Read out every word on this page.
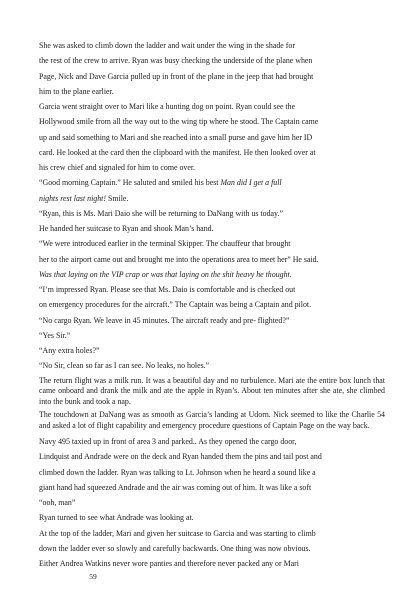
She was asked to climb down the ladder and wait under the wing in the shade for
the rest of the crew to arrive. Ryan was busy checking the underside of the plane when
Page, Nick and Dave Garcia pulled up in front of the plane in the jeep that had brought
him to the plane earlier.
Garcia went straight over to Mari like a hunting dog on point. Ryan could see the
Hollywood smile from all the way out to the wing tip where he stood. The Captain came
up and said something to Mari and she reached into a small purse and gave him her ID
card. He looked at the card then the clipboard with the manifest. He then looked over at
his crew chief and signaled for him to come over.
“Good morning Captain.” He saluted and smiled his best Man did I get a full
nights rest last night! Smile.
“Ryan, this is Ms. Mari Daio she will be returning to DaNang with us today.”
He handed her suitcase to Ryan and shook Man’s hand.
“We were introduced earlier in the terminal Skipper. The chauffeur that brought
her to the airport came out and brought me into the operations area to meet her” He said.
Was that laying on the VIP crap or was that laying on the shit heavy he thought.
“I’m impressed Ryan. Please see that Ms. Daio is comfortable and is checked out
on emergency procedures for the aircraft.” The Captain was being a Captain and pilot.
“No cargo Ryan. We leave in 45 minutes. The aircraft ready and pre- flighted?”
“Yes Sir.”
“Any extra holes?”
“No Sir, clean so far as I can see. No leaks, no holes.”
The return flight was a milk run. It was a beautiful day and no turbulence. Mari ate the entire box lunch that came onboard and drank the milk and ate the apple in Ryan’s. About ten minutes after she ate, she climbed into the bunk and took a nap.
The touchdown at DaNang was as smooth as Garcia’s landing at Udorn. Nick seemed to like the Charlie 54 and asked a lot of flight capability and emergency procedure questions of Captain Page on the way back.
Navy 495 taxied up in front of area 3 and parked.. As they opened the cargo door,
Lindquist and Andrade were on the deck and Ryan handed them the pins and tail post and
climbed down the ladder. Ryan was talking to Lt. Johnson when he heard a sound like a
giant hand had squeezed Andrade and the air was coming out of him. It was like a soft
“ooh, man”
Ryan turned to see what Andrade was looking at.
At the top of the ladder, Mari and given her suitcase to Garcia and was starting to climb
down the ladder ever so slowly and carefully backwards. One thing was now obvious.
Either Andrea Watkins never wore panties and therefore never packed any or Mari
59
